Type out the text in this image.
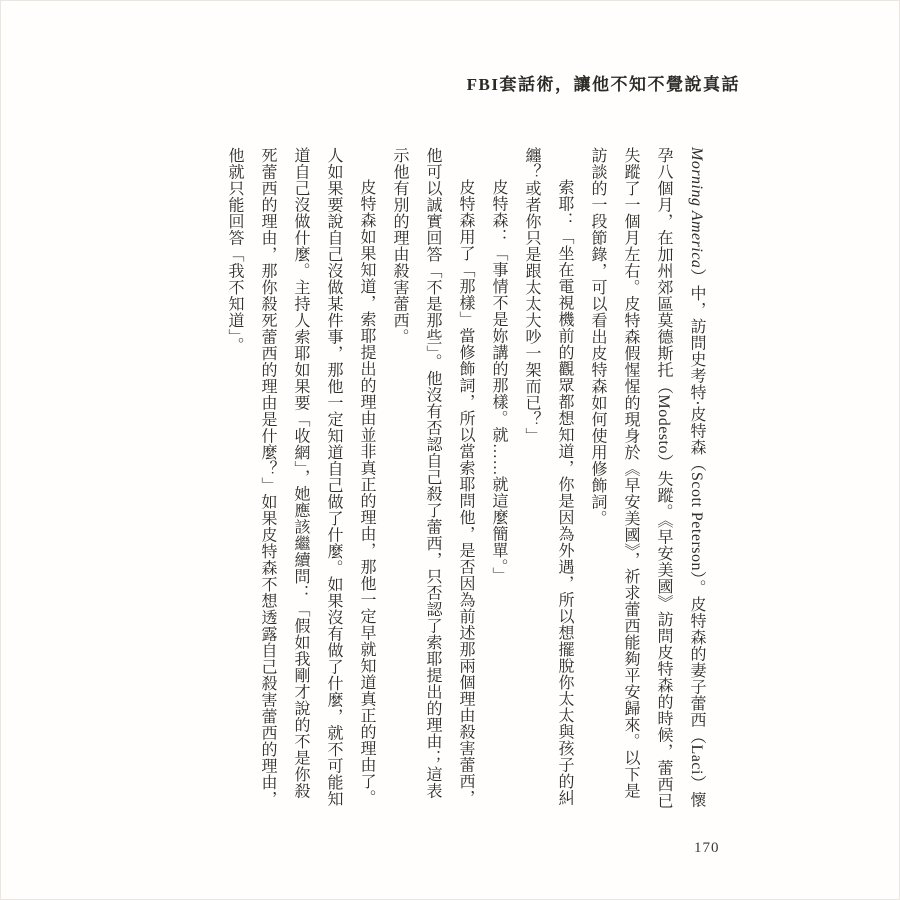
FBI套話術，讓他不知不覺說真話

Morning America）中，訪問史考特‧皮特森（Scott Peterson）。皮特森的妻子蕾西（Laci）懷孕八個月，在加州郊區莫德斯托（Modesto）失蹤。《早安美國》訪問皮特森的時候，蕾西已失蹤了一個月左右。皮特森假惺惺的現身於《早安美國》，祈求蕾西能夠平安歸來。以下是訪談的一段節錄，可以看出皮特森如何使用修飾詞。

索耶：「坐在電視機前的觀眾都想知道，你是因為外遇，所以想擺脫你太太與孩子的糾纏？或者你只是跟太太大吵一架而已？」

皮特森：「事情不是妳講的那樣。就……就這麼簡單。」

皮特森用了「那樣」當修飾詞，所以當索耶問他，是否因為前述那兩個理由殺害蕾西，他可以誠實回答「不是那些」。他沒有否認自己殺了蕾西，只否認了索耶提出的理由；這表示他有別的理由殺害蕾西。

皮特森如果知道，索耶提出的理由並非真正的理由，那他一定早就知道真正的理由了。人如果要說自己沒做某件事，那他一定知道自己做了什麼。如果沒有做了什麼，就不可能知道自己沒做什麼。主持人索耶如果要「收網」，她應該繼續問：「假如我剛才說的不是你殺死蕾西的理由，那你殺死蕾西的理由是什麼？」如果皮特森不想透露自己殺害蕾西的理由，他就只能回答「我不知道」。

170
